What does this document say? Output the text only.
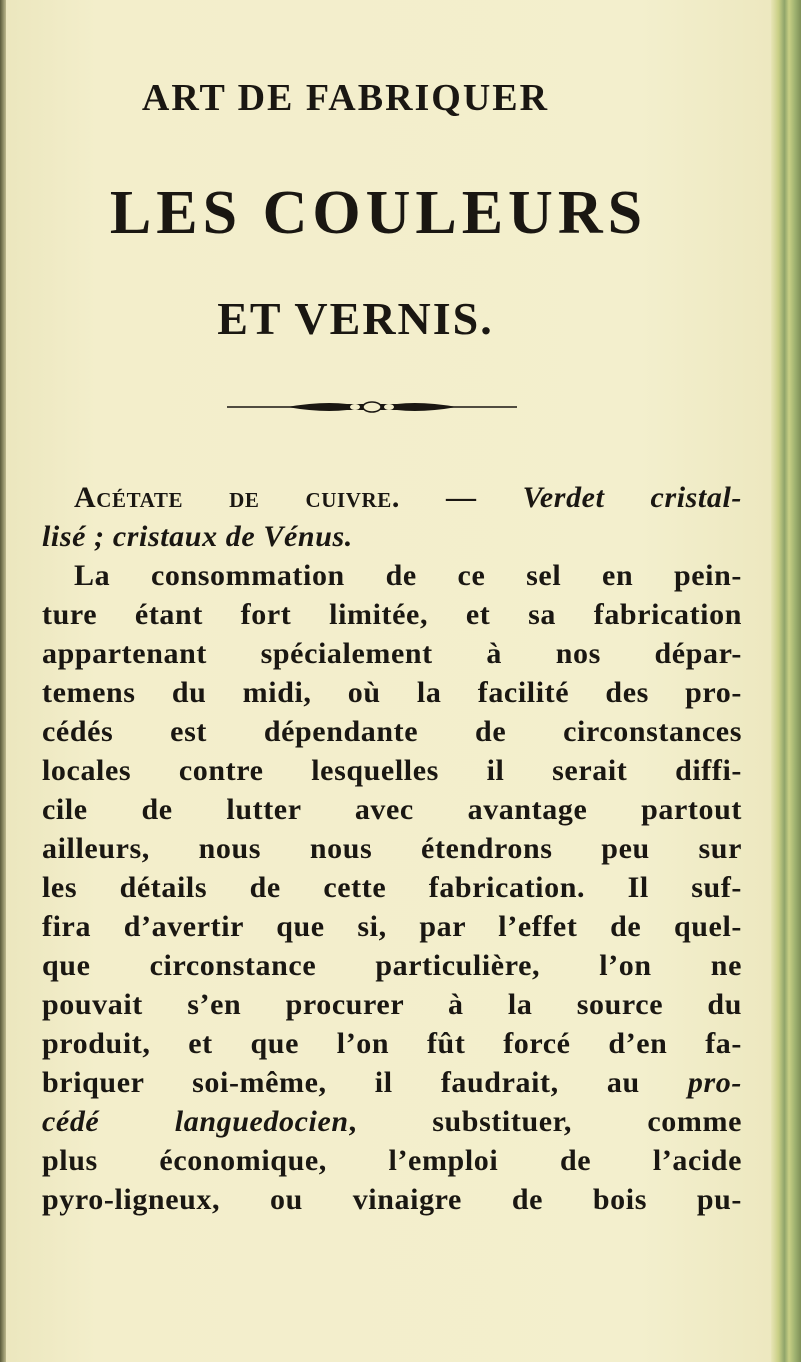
ART DE FABRIQUER
LES COULEURS
ET VERNIS.
Acétate de cuivre. — Verdet cristal-
lisé ; cristaux de Vénus.
La consommation de ce sel en pein-
ture étant fort limitée, et sa fabrication
appartenant spécialement à nos dépar-
temens du midi, où la facilité des pro-
cédés est dépendante de circonstances
locales contre lesquelles il serait diffi-
cile de lutter avec avantage partout
ailleurs, nous nous étendrons peu sur
les détails de cette fabrication. Il suf-
fira d’avertir que si, par l’effet de quel-
que circonstance particulière, l’on ne
pouvait s’en procurer à la source du
produit, et que l’on fût forcé d’en fa-
briquer soi-même, il faudrait, au pro-
cédé languedocien, substituer, comme
plus économique, l’emploi de l’acide
pyro-ligneux, ou vinaigre de bois pu-
